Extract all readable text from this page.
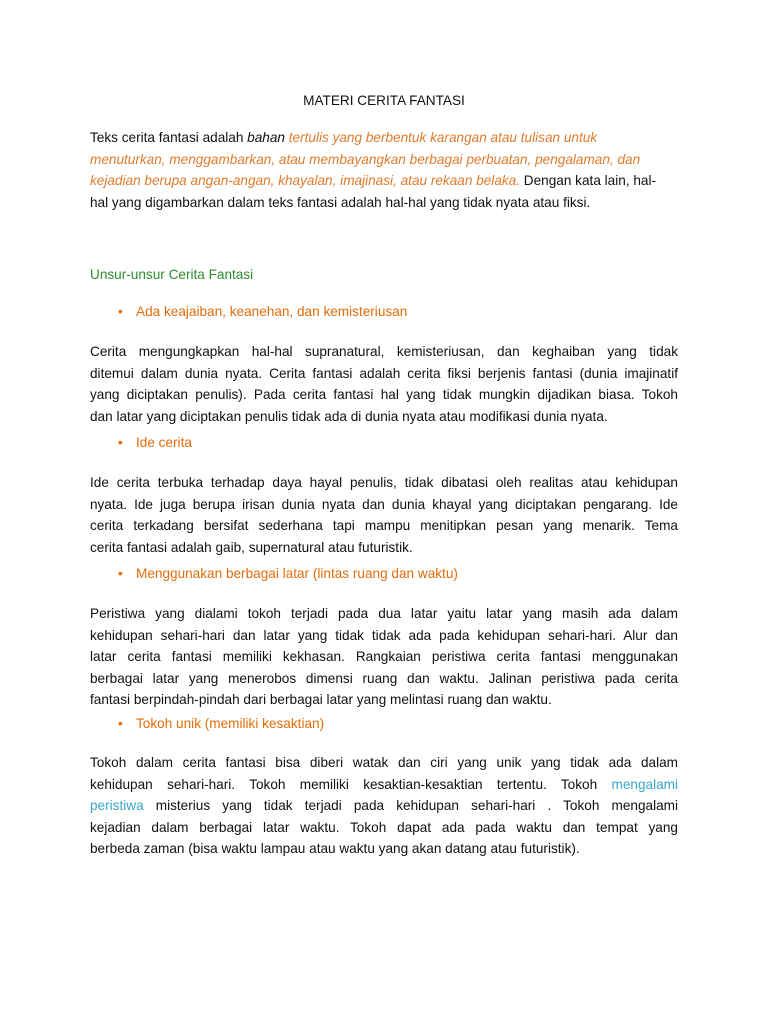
MATERI CERITA FANTASI
Teks cerita fantasi adalah bahan tertulis yang berbentuk karangan atau tulisan untuk
menuturkan, menggambarkan, atau membayangkan berbagai perbuatan, pengalaman, dan
kejadian berupa angan-angan, khayalan, imajinasi, atau rekaan belaka. Dengan kata lain, hal-
hal yang digambarkan dalam teks fantasi adalah hal-hal yang tidak nyata atau fiksi.
Unsur-unsur Cerita Fantasi
• Ada keajaiban, keanehan, dan kemisteriusan
Cerita mengungkapkan hal-hal supranatural, kemisteriusan, dan keghaiban yang tidak
ditemui dalam dunia nyata. Cerita fantasi adalah cerita fiksi berjenis fantasi (dunia imajinatif
yang diciptakan penulis). Pada cerita fantasi hal yang tidak mungkin dijadikan biasa. Tokoh
dan latar yang diciptakan penulis tidak ada di dunia nyata atau modifikasi dunia nyata.
• Ide cerita
Ide cerita terbuka terhadap daya hayal penulis, tidak dibatasi oleh realitas atau kehidupan
nyata. Ide juga berupa irisan dunia nyata dan dunia khayal yang diciptakan pengarang. Ide
cerita terkadang bersifat sederhana tapi mampu menitipkan pesan yang menarik. Tema
cerita fantasi adalah gaib, supernatural atau futuristik.
• Menggunakan berbagai latar (lintas ruang dan waktu)
Peristiwa yang dialami tokoh terjadi pada dua latar yaitu latar yang masih ada dalam
kehidupan sehari-hari dan latar yang tidak tidak ada pada kehidupan sehari-hari. Alur dan
latar cerita fantasi memiliki kekhasan. Rangkaian peristiwa cerita fantasi menggunakan
berbagai latar yang menerobos dimensi ruang dan waktu. Jalinan peristiwa pada cerita
fantasi berpindah-pindah dari berbagai latar yang melintasi ruang dan waktu.
• Tokoh unik (memiliki kesaktian)
Tokoh dalam cerita fantasi bisa diberi watak dan ciri yang unik yang tidak ada dalam
kehidupan sehari-hari. Tokoh memiliki kesaktian-kesaktian tertentu. Tokoh mengalami
peristiwa misterius yang tidak terjadi pada kehidupan sehari-hari . Tokoh mengalami
kejadian dalam berbagai latar waktu. Tokoh dapat ada pada waktu dan tempat yang
berbeda zaman (bisa waktu lampau atau waktu yang akan datang atau futuristik).
